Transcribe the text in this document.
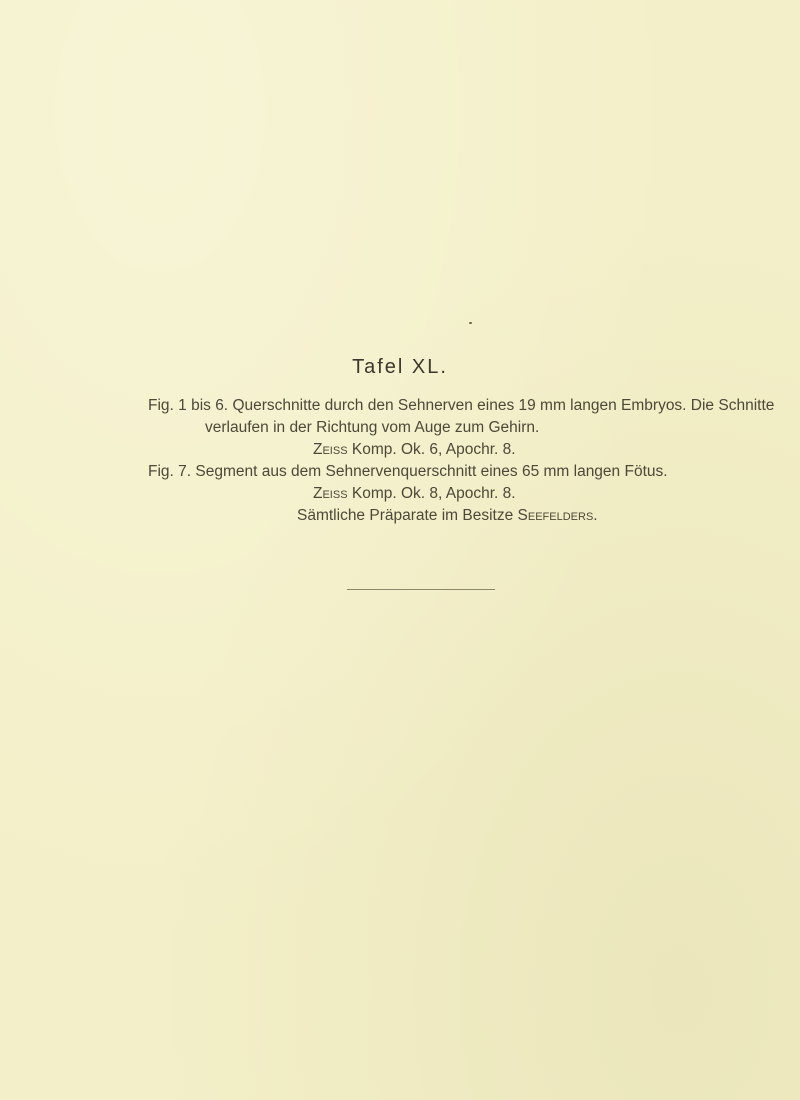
Tafel XL.
Fig. 1 bis 6. Querschnitte durch den Sehnerven eines 19 mm langen Embryos. Die Schnitte
verlaufen in der Richtung vom Auge zum Gehirn.
Zeiss Komp. Ok. 6, Apochr. 8.
Fig. 7. Segment aus dem Sehnervenquerschnitt eines 65 mm langen Fötus.
Zeiss Komp. Ok. 8, Apochr. 8.
Sämtliche Präparate im Besitze Seefelders.
